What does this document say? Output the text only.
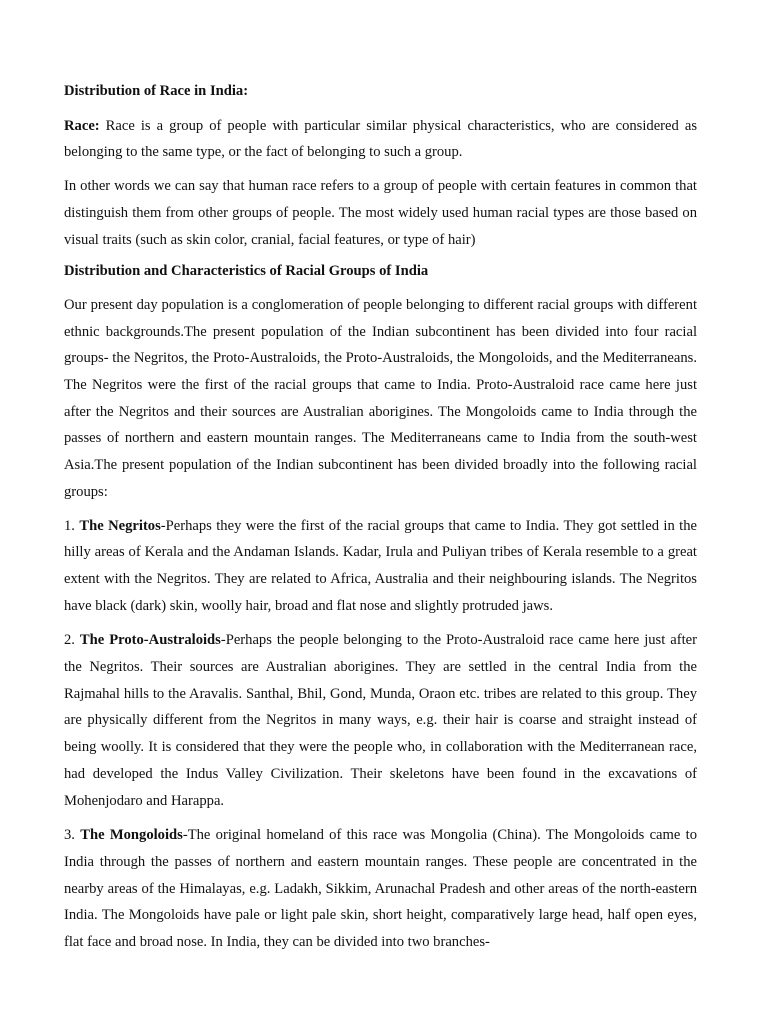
Distribution of Race in India:

Race: Race is a group of people with particular similar physical characteristics, who are considered as belonging to the same type, or the fact of belonging to such a group.

In other words we can say that human race refers to a group of people with certain features in common that distinguish them from other groups of people. The most widely used human racial types are those based on visual traits (such as skin color, cranial, facial features, or type of hair)

Distribution and Characteristics of Racial Groups of India

Our present day population is a conglomeration of people belonging to different racial groups with different ethnic backgrounds.The present population of the Indian subcontinent has been divided into four racial groups- the Negritos, the Proto-Australoids, the Proto-Australoids, the Mongoloids, and the Mediterraneans. The Negritos were the first of the racial groups that came to India. Proto-Australoid race came here just after the Negritos and their sources are Australian aborigines. The Mongoloids came to India through the passes of northern and eastern mountain ranges. The Mediterraneans came to India from the south-west Asia.The present population of the Indian subcontinent has been divided broadly into the following racial groups:

1. The Negritos-Perhaps they were the first of the racial groups that came to India. They got settled in the hilly areas of Kerala and the Andaman Islands. Kadar, Irula and Puliyan tribes of Kerala resemble to a great extent with the Negritos. They are related to Africa, Australia and their neighbouring islands. The Negritos have black (dark) skin, woolly hair, broad and flat nose and slightly protruded jaws.

2. The Proto-Australoids-Perhaps the people belonging to the Proto-Australoid race came here just after the Negritos. Their sources are Australian aborigines. They are settled in the central India from the Rajmahal hills to the Aravalis. Santhal, Bhil, Gond, Munda, Oraon etc. tribes are related to this group. They are physically different from the Negritos in many ways, e.g. their hair is coarse and straight instead of being woolly. It is considered that they were the people who, in collaboration with the Mediterranean race, had developed the Indus Valley Civilization. Their skeletons have been found in the excavations of Mohenjodaro and Harappa.

3. The Mongoloids-The original homeland of this race was Mongolia (China). The Mongoloids came to India through the passes of northern and eastern mountain ranges. These people are concentrated in the nearby areas of the Himalayas, e.g. Ladakh, Sikkim, Arunachal Pradesh and other areas of the north-eastern India. The Mongoloids have pale or light pale skin, short height, comparatively large head, half open eyes, flat face and broad nose. In India, they can be divided into two branches-
